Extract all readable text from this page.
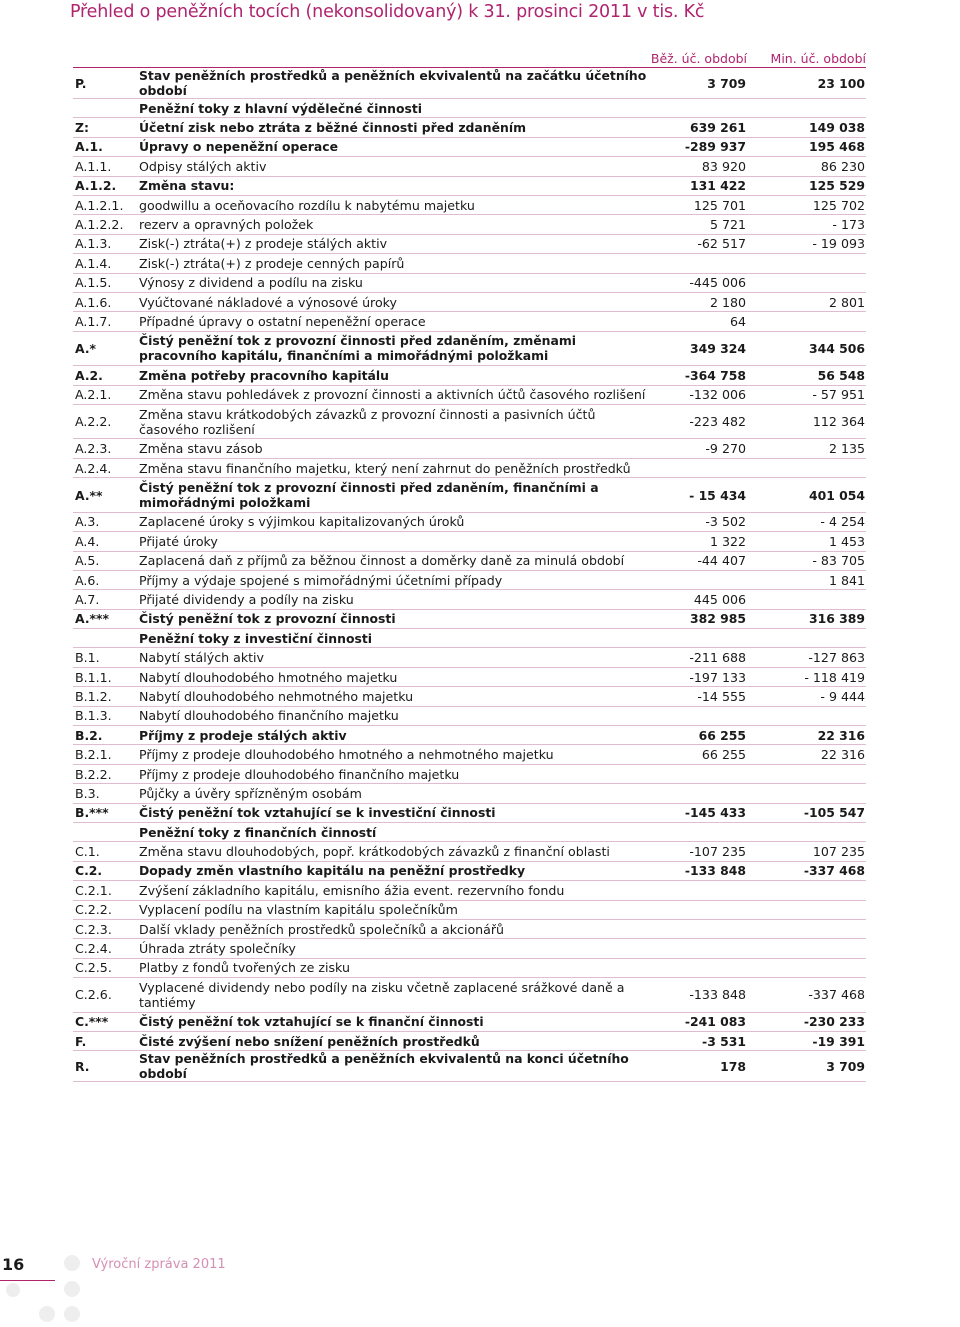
Přehled o peněžních tocích (nekonsolidovaný) k 31. prosinci 2011 v tis. Kč
Běž. úč. období Min. úč. období
P.	Stav peněžních prostředků a peněžních ekvivalentů na začátku účetního období	3 709	23 100
	Peněžní toky z hlavní výdělečné činnosti		
Z:	Účetní zisk nebo ztráta z běžné činnosti před zdaněním	639 261	149 038
A.1.	Úpravy o nepeněžní operace	-289 937	195 468
A.1.1.	Odpisy stálých aktiv	83 920	86 230
A.1.2.	Změna stavu:	131 422	125 529
A.1.2.1.	goodwillu a oceňovacího rozdílu k nabytému majetku	125 701	125 702
A.1.2.2.	rezerv a opravných položek	5 721	- 173
A.1.3.	Zisk(-) ztráta(+) z prodeje stálých aktiv	-62 517	- 19 093
A.1.4.	Zisk(-) ztráta(+) z prodeje cenných papírů		
A.1.5.	Výnosy z dividend a podílu na zisku	-445 006	
A.1.6.	Vyúčtované nákladové a výnosové úroky	2 180	2 801
A.1.7.	Případné úpravy o ostatní nepeněžní operace	64	
A.*	Čistý peněžní tok z provozní činnosti před zdaněním, změnami pracovního kapitálu, finančními a mimořádnými položkami	349 324	344 506
A.2.	Změna potřeby pracovního kapitálu	-364 758	56 548
A.2.1.	Změna stavu pohledávek z provozní činnosti a aktivních účtů časového rozlišení	-132 006	- 57 951
A.2.2.	Změna stavu krátkodobých závazků z provozní činnosti a pasivních účtů časového rozlišení	-223 482	112 364
A.2.3.	Změna stavu zásob	-9 270	2 135
A.2.4.	Změna stavu finančního majetku, který není zahrnut do peněžních prostředků		
A.**	Čistý peněžní tok z provozní činnosti před zdaněním, finančními a mimořádnými položkami	- 15 434	401 054
A.3.	Zaplacené úroky s výjimkou kapitalizovaných úroků	-3 502	- 4 254
A.4.	Přijaté úroky	1 322	1 453
A.5.	Zaplacená daň z příjmů za běžnou činnost a doměrky daně za minulá období	-44 407	- 83 705
A.6.	Příjmy a výdaje spojené s mimořádnými účetními případy		1 841
A.7.	Přijaté dividendy a podíly na zisku	445 006	
A.***	Čistý peněžní tok z provozní činnosti	382 985	316 389
	Peněžní toky z investiční činnosti		
B.1.	Nabytí stálých aktiv	-211 688	-127 863
B.1.1.	Nabytí dlouhodobého hmotného majetku	-197 133	- 118 419
B.1.2.	Nabytí dlouhodobého nehmotného majetku	-14 555	- 9 444
B.1.3.	Nabytí dlouhodobého finančního majetku		
B.2.	Příjmy z prodeje stálých aktiv	66 255	22 316
B.2.1.	Příjmy z prodeje dlouhodobého hmotného a nehmotného majetku	66 255	22 316
B.2.2.	Příjmy z prodeje dlouhodobého finančního majetku		
B.3.	Půjčky a úvěry spřízněným osobám		
B.***	Čistý peněžní tok vztahující se k investiční činnosti	-145 433	-105 547
	Peněžní toky z finančních činností		
C.1.	Změna stavu dlouhodobých, popř. krátkodobých závazků z finanční oblasti	-107 235	107 235
C.2.	Dopady změn vlastního kapitálu na peněžní prostředky	-133 848	-337 468
C.2.1.	Zvýšení základního kapitálu, emisního ážia event. rezervního fondu		
C.2.2.	Vyplacení podílu na vlastním kapitálu společníkům		
C.2.3.	Další vklady peněžních prostředků společníků a akcionářů		
C.2.4.	Úhrada ztráty společníky		
C.2.5.	Platby z fondů tvořených ze zisku		
C.2.6.	Vyplacené dividendy nebo podíly na zisku včetně zaplacené srážkové daně a tantiémy	-133 848	-337 468
C.***	Čistý peněžní tok vztahující se k finanční činnosti	-241 083	-230 233
F.	Čisté zvýšení nebo snížení peněžních prostředků	-3 531	-19 391
R.	Stav peněžních prostředků a peněžních ekvivalentů na konci účetního období	178	3 709
16	Výroční zpráva 2011
